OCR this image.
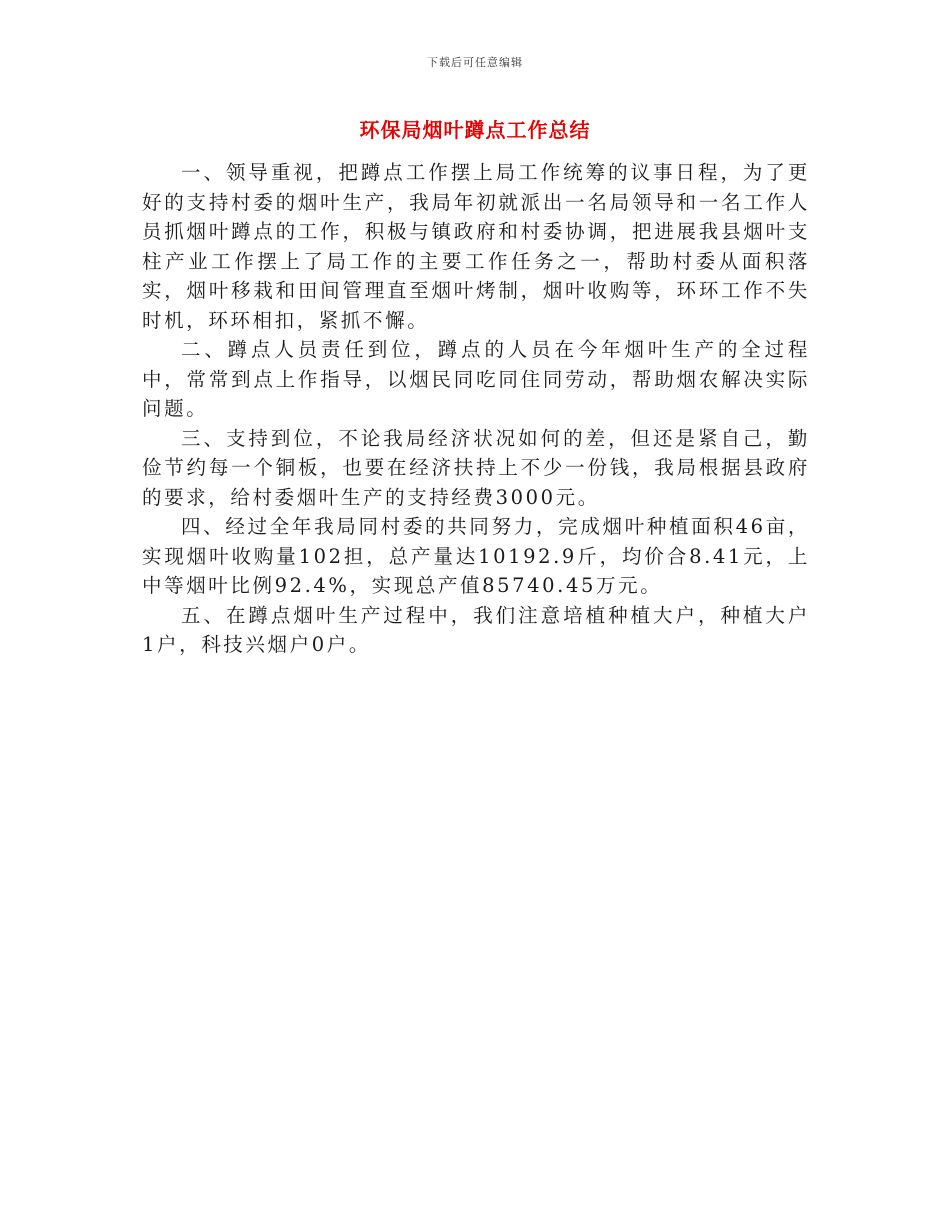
下载后可任意编辑
环保局烟叶蹲点工作总结

一、领导重视，把蹲点工作摆上局工作统筹的议事日程，为了更好的支持村委的烟叶生产，我局年初就派出一名局领导和一名工作人员抓烟叶蹲点的工作，积极与镇政府和村委协调，把进展我县烟叶支柱产业工作摆上了局工作的主要工作任务之一，帮助村委从面积落实，烟叶移栽和田间管理直至烟叶烤制，烟叶收购等，环环工作不失时机，环环相扣，紧抓不懈。

二、蹲点人员责任到位，蹲点的人员在今年烟叶生产的全过程中，常常到点上作指导，以烟民同吃同住同劳动，帮助烟农解决实际问题。

三、支持到位，不论我局经济状况如何的差，但还是紧自己，勤俭节约每一个铜板，也要在经济扶持上不少一份钱，我局根据县政府的要求，给村委烟叶生产的支持经费3000元。

四、经过全年我局同村委的共同努力，完成烟叶种植面积46亩，实现烟叶收购量102担，总产量达10192.9斤，均价合8.41元，上中等烟叶比例92.4%，实现总产值85740.45万元。

五、在蹲点烟叶生产过程中，我们注意培植种植大户，种植大户1户，科技兴烟户0户。
